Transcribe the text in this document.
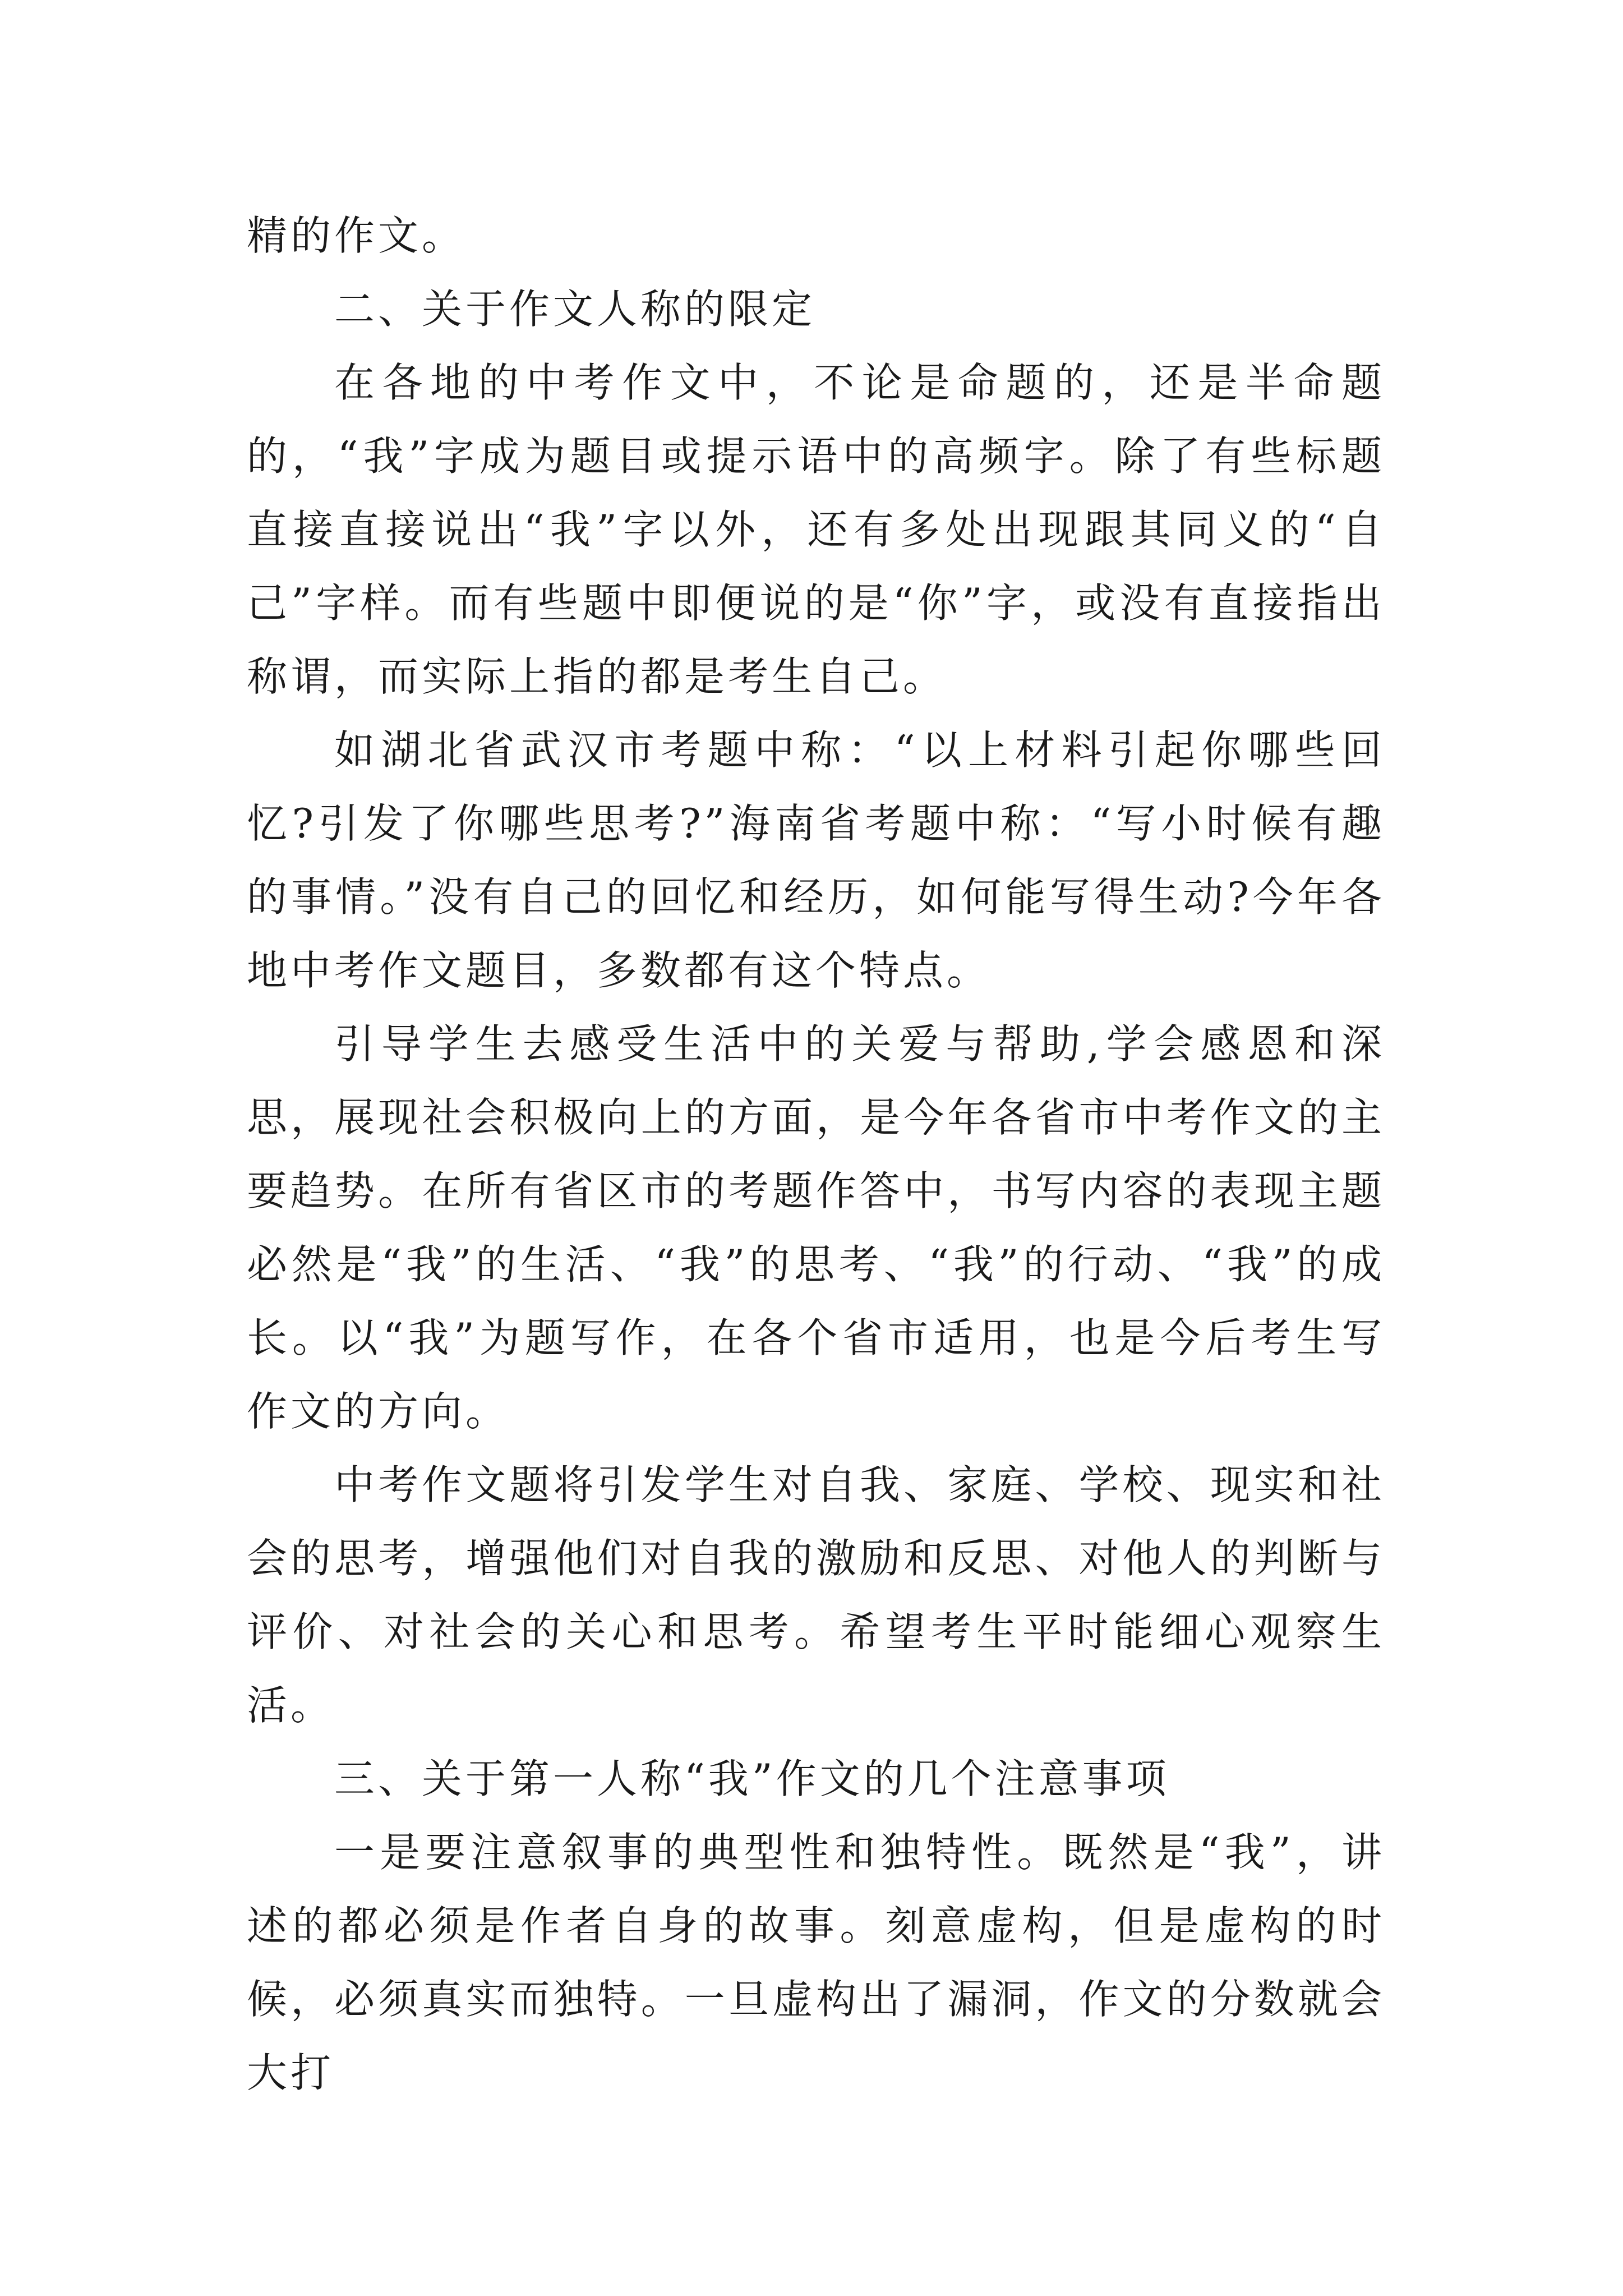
精的作文。

二、关于作文人称的限定

在各地的中考作文中，不论是命题的，还是半命题的，“我”字成为题目或提示语中的高频字。除了有些标题直接直接说出“我”字以外，还有多处出现跟其同义的“自己”字样。而有些题中即便说的是“你”字，或没有直接指出称谓，而实际上指的都是考生自己。

如湖北省武汉市考题中称：“以上材料引起你哪些回忆?引发了你哪些思考?”海南省考题中称：“写小时候有趣的事情。”没有自己的回忆和经历，如何能写得生动?今年各地中考作文题目，多数都有这个特点。

引导学生去感受生活中的关爱与帮助,学会感恩和深思，展现社会积极向上的方面，是今年各省市中考作文的主要趋势。在所有省区市的考题作答中，书写内容的表现主题必然是“我”的生活、“我”的思考、“我”的行动、“我”的成长。以“我”为题写作，在各个省市适用，也是今后考生写作文的方向。

中考作文题将引发学生对自我、家庭、学校、现实和社会的思考，增强他们对自我的激励和反思、对他人的判断与评价、对社会的关心和思考。希望考生平时能细心观察生活。

三、关于第一人称“我”作文的几个注意事项

一是要注意叙事的典型性和独特性。既然是“我”，讲述的都必须是作者自身的故事。刻意虚构，但是虚构的时候，必须真实而独特。一旦虚构出了漏洞，作文的分数就会大打
